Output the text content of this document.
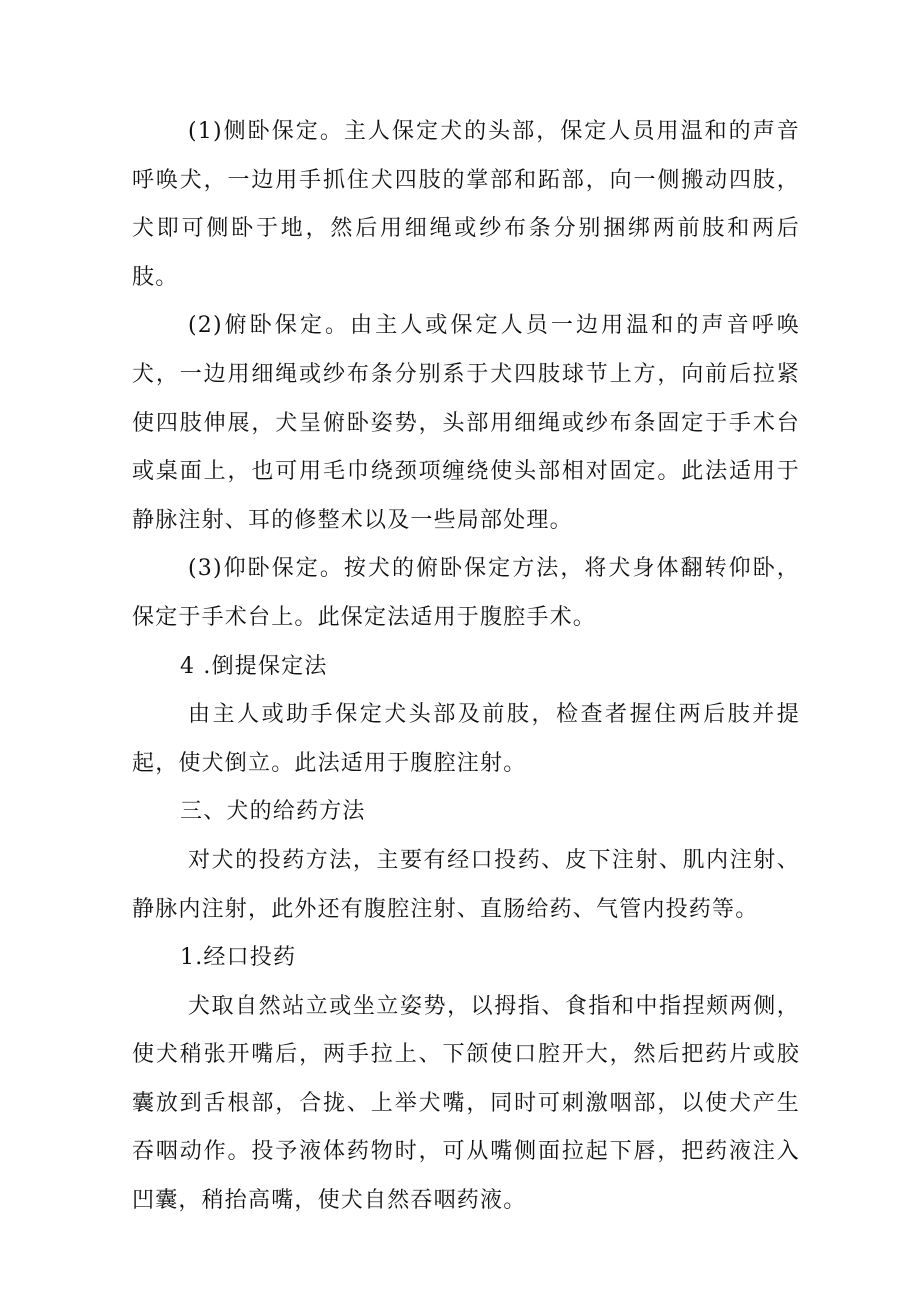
(1)侧卧保定。主人保定犬的头部，保定人员用温和的声音呼唤犬，一边用手抓住犬四肢的掌部和跖部，向一侧搬动四肢，犬即可侧卧于地，然后用细绳或纱布条分别捆绑两前肢和两后肢。

(2)俯卧保定。由主人或保定人员一边用温和的声音呼唤犬，一边用细绳或纱布条分别系于犬四肢球节上方，向前后拉紧使四肢伸展，犬呈俯卧姿势，头部用细绳或纱布条固定于手术台或桌面上，也可用毛巾绕颈项缠绕使头部相对固定。此法适用于静脉注射、耳的修整术以及一些局部处理。

(3)仰卧保定。按犬的俯卧保定方法，将犬身体翻转仰卧，保定于手术台上。此保定法适用于腹腔手术。

4 .倒提保定法

由主人或助手保定犬头部及前肢，检查者握住两后肢并提起，使犬倒立。此法适用于腹腔注射。

三、犬的给药方法

对犬的投药方法，主要有经口投药、皮下注射、肌内注射、静脉内注射，此外还有腹腔注射、直肠给药、气管内投药等。

1.经口投药

犬取自然站立或坐立姿势，以拇指、食指和中指捏颊两侧，使犬稍张开嘴后，两手拉上、下颌使口腔开大，然后把药片或胶囊放到舌根部，合拢、上举犬嘴，同时可刺激咽部，以使犬产生吞咽动作。投予液体药物时，可从嘴侧面拉起下唇，把药液注入凹囊，稍抬高嘴，使犬自然吞咽药液。
